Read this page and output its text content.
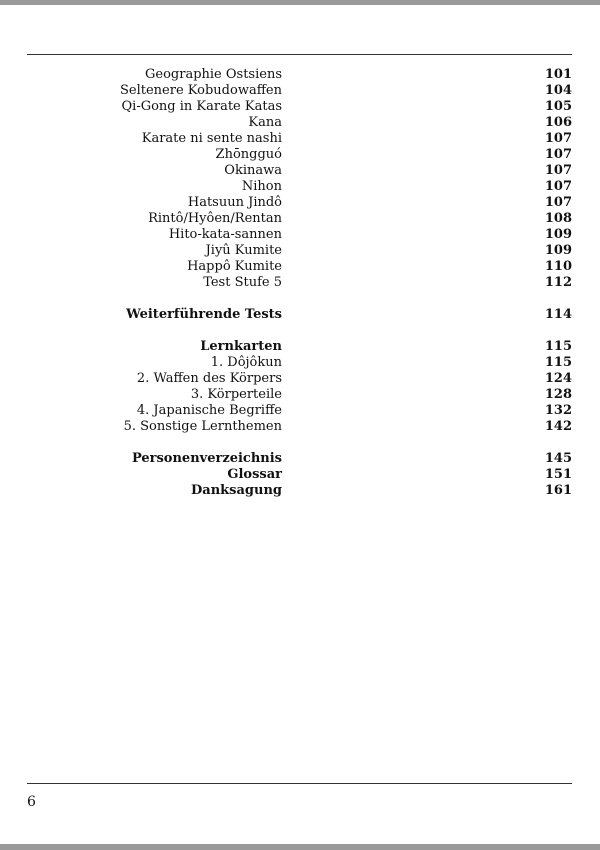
Geographie Ostsiens	101
Seltenere Kobudowaffen	104
Qi-Gong in Karate Katas	105
Kana	106
Karate ni sente nashi	107
Zhōngguó	107
Okinawa	107
Nihon	107
Hatsuun Jindô	107
Rintô/Hyôen/Rentan	108
Hito-kata-sannen	109
Jiyû Kumite	109
Happô Kumite	110
Test Stufe 5	112
Weiterführende Tests	114
Lernkarten	115
1. Dôjôkun	115
2. Waffen des Körpers	124
3. Körperteile	128
4. Japanische Begriffe	132
5. Sonstige Lernthemen	142
Personenverzeichnis	145
Glossar	151
Danksagung	161
6
